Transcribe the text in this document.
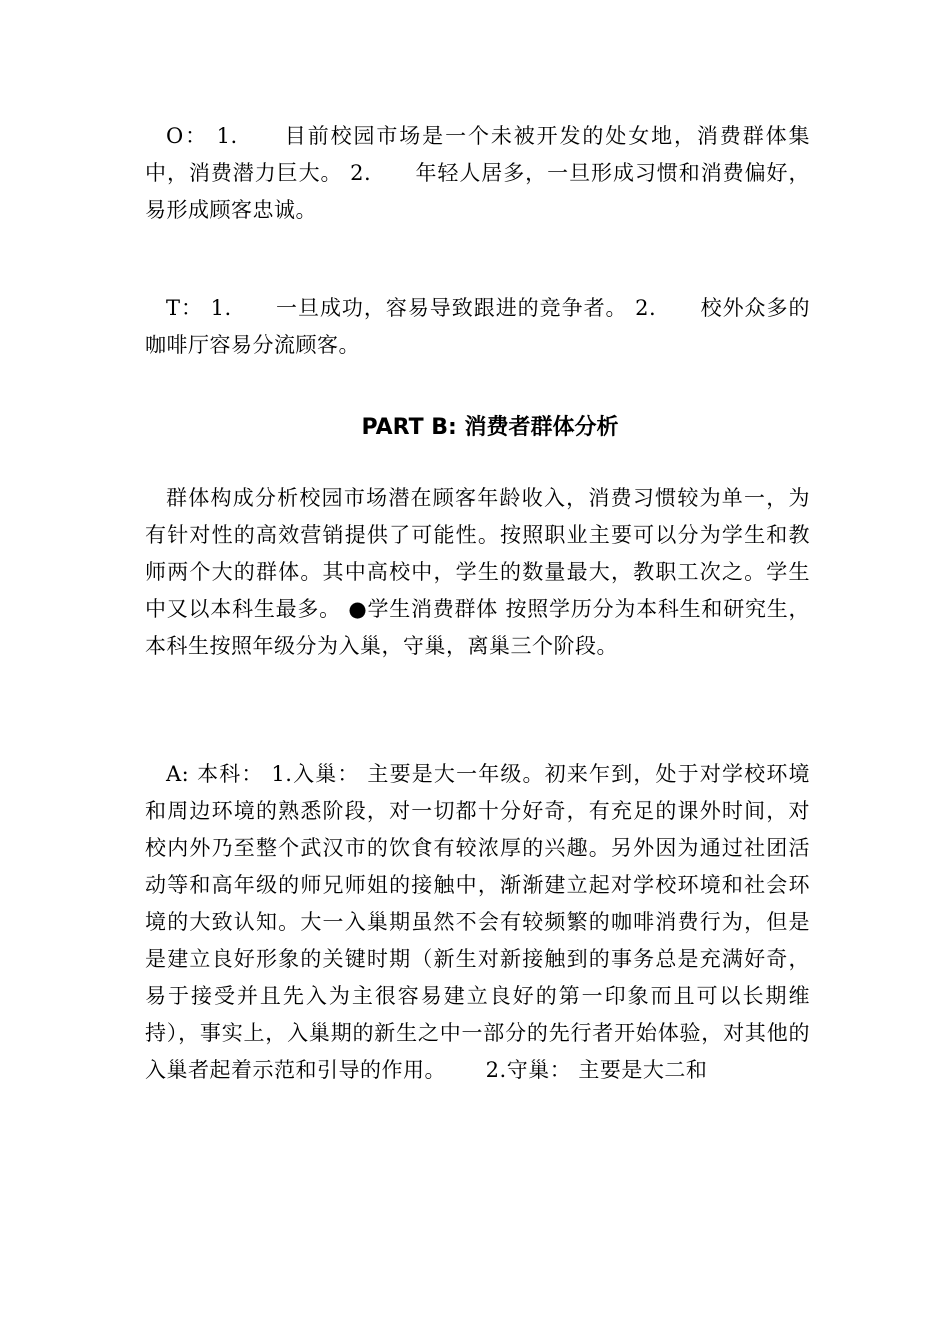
O： 1.　　目前校园市场是一个未被开发的处女地，消费群体集中，消费潜力巨大。 2.　　年轻人居多，一旦形成习惯和消费偏好，易形成顾客忠诚。

T： 1.　　一旦成功，容易导致跟进的竞争者。 2.　　校外众多的咖啡厅容易分流顾客。

PART B: 消费者群体分析

群体构成分析校园市场潜在顾客年龄收入，消费习惯较为单一，为有针对性的高效营销提供了可能性。按照职业主要可以分为学生和教师两个大的群体。其中高校中，学生的数量最大，教职工次之。学生中又以本科生最多。 ●学生消费群体 按照学历分为本科生和研究生，本科生按照年级分为入巢，守巢，离巢三个阶段。

A: 本科： 1.入巢： 主要是大一年级。初来乍到，处于对学校环境和周边环境的熟悉阶段，对一切都十分好奇，有充足的课外时间，对校内外乃至整个武汉市的饮食有较浓厚的兴趣。另外因为通过社团活动等和高年级的师兄师姐的接触中，渐渐建立起对学校环境和社会环境的大致认知。大一入巢期虽然不会有较频繁的咖啡消费行为，但是是建立良好形象的关键时期（新生对新接触到的事务总是充满好奇，易于接受并且先入为主很容易建立良好的第一印象而且可以长期维持），事实上，入巢期的新生之中一部分的先行者开始体验，对其他的入巢者起着示范和引导的作用。　　 2.守巢： 主要是大二和
